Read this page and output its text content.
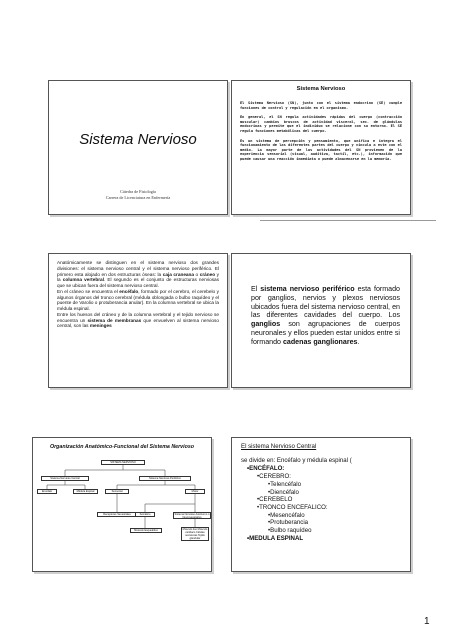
Sistema Nervioso
Cátedra de Fisiología
Carrera de Licenciatura en Enfermería
Sistema Nervioso

El Sistema Nervioso (SN), junto con el sistema endocrino (SE) cumple funciones de control y regulación en el organismo.

En general, el SN regula actividades rápidas del cuerpo (contracción muscular) cambios bruscos de actividad visceral, sec. de glándulas endocrinas y permite que el individuo se relacione con su entorno. El SE regula funciones metabólicas del cuerpo.

Es un sistema de percepción y pensamiento, que unifica e integra el funcionamiento de las diferentes partes del cuerpo y vincula a este con el medio. La mayor parte de las actividades del SN provienen de la experiencia sensorial (visual, auditiva, tactil, etc.), información que puede causar una reacción inmediata o puede almacenarse en la memoria.

Anatómicamente se distinguen en el sistema nervioso dos grandes divisiones: el sistema nervioso central y el sistema nervioso periférico. El primero esta alojado en dos estructuras óseas: la caja craneana o cráneo y la columna vertebral. El segundo es el conjunto de estructuras nerviosas que se ubican fuera del sistema nervioso central.
En el cráneo se encuentra el encéfalo, formado por el cerebro, el cerebelo y algunos órganos del tronco cerebral (médula oblongada o bulbo raquídeo y el puente de Varolio o protuberancia anular). En la columna vertebral se ubica la médula espinal.
Entre los huesos del cráneo y de la columna vertebral y el tejido nervioso se encuentra un sistema de membranas que envuelven al sistema nervioso central, son las meninges
El sistema nervioso periférico esta formado por ganglios, nervios y plexos nerviosos ubicados fuera del sistema nervioso central, en las diferentes cavidades del cuerpo. Los ganglios son agrupaciones de cuerpos neuronales y ellos pueden estar unidos entre si formando cadenas ganglionares.
Organización Anatómico-Funcional del Sistema Nervioso
SISTEMA NERVIOSO
Sistema Nervioso Central	Sistema Nervioso Periférico
Encéfalo	Médula Espinal	Sensorial	Motor
Receptores Sensoriales	Somático	Sistema Nervioso Autónomo o Neurovegetativo
Músculo Esquelético	Músculo liso Músculo cardíaco Células secretoras Tejido glandular
El sistema Nervioso Central
se divide en: Encéfalo y médula espinal (
•ENCÉFALO:
•CEREBRO:
•Telencéfalo
•Diencéfalo
•CEREBELO
•TRONCO ENCEFALICO:
•Mesencéfalo
•Protuberancia
•Bulbo raquídeo
•MEDULA ESPINAL
1
